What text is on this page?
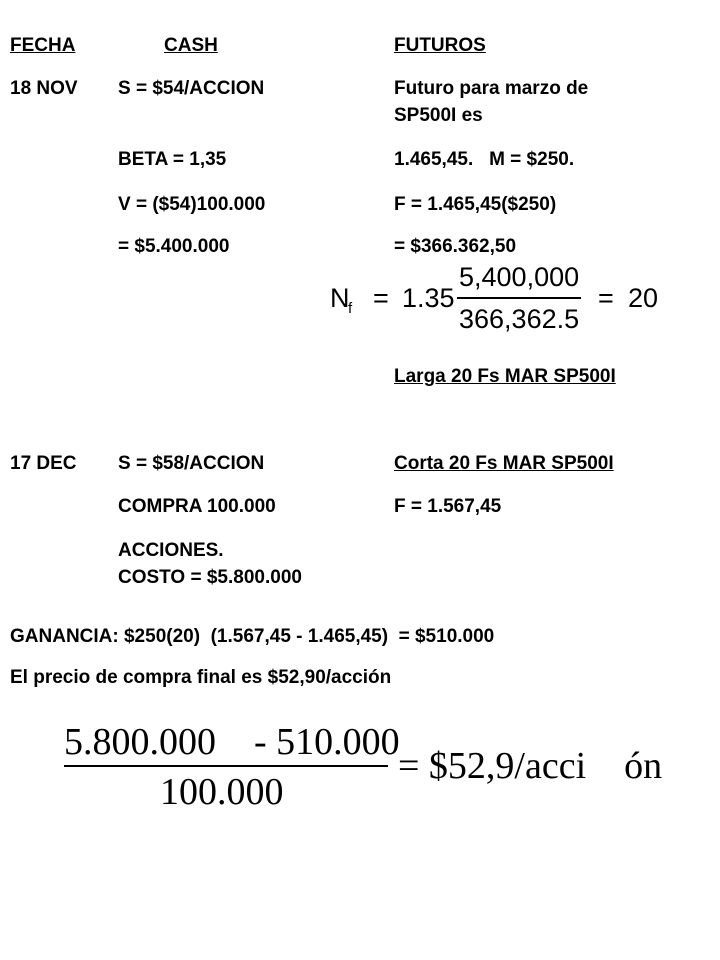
FECHA	CASH	FUTUROS
18 NOV S = $54/ACCION
BETA = 1,35
V = ($54)100.000
= $5.400.000
Futuro para marzo de
SP500I es
1.465,45.   M = $250.
F = 1.465,45($250)
= $366.362,50
N
f = 1.35
5,400,000
366,362.5
= 20
Larga 20 Fs MAR SP500I
17 DEC S = $58/ACCION
COMPRA 100.000
ACCIONES.
COSTO = $5.800.000
Corta 20 Fs MAR SP500I
F = 1.567,45
GANANCIA: $250(20)  (1.567,45 - 1.465,45)  = $510.000
El precio de compra final es $52,90/acción
5.800.000    - 510.000
100.000
= $52,9/acci    ón
